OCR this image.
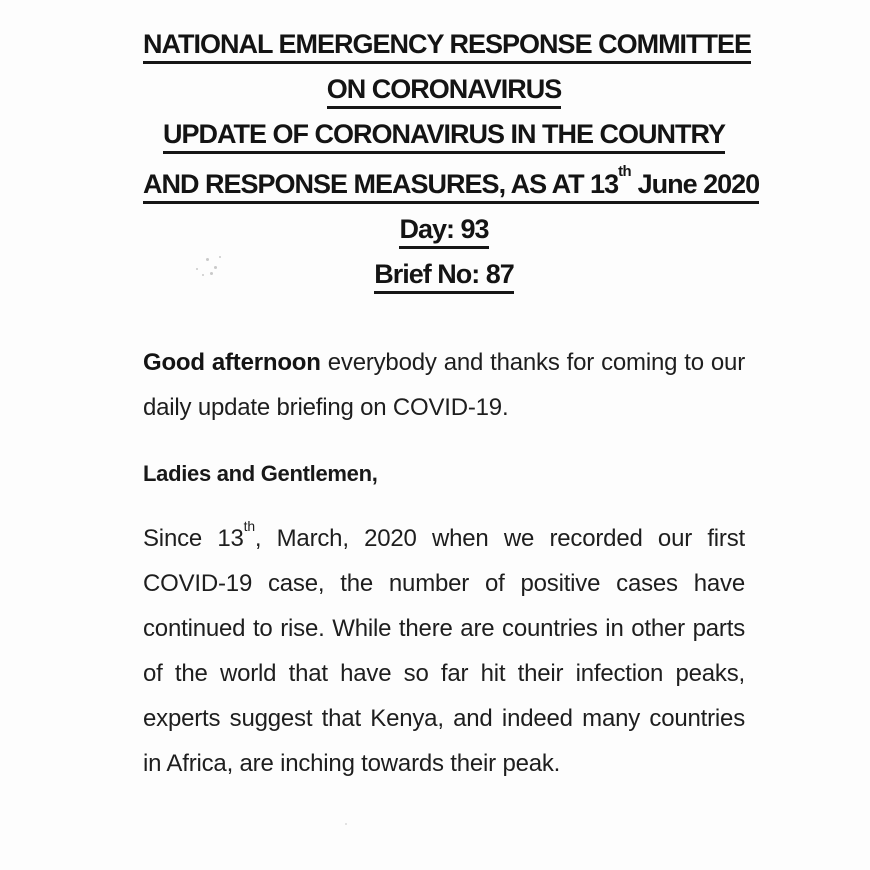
NATIONAL EMERGENCY RESPONSE COMMITTEE
ON CORONAVIRUS
UPDATE OF CORONAVIRUS IN THE COUNTRY
AND RESPONSE MEASURES, AS AT 13th June 2020
Day: 93
Brief No: 87

Good afternoon everybody and thanks for coming to our daily update briefing on COVID-19.

Ladies and Gentlemen,

Since 13th, March, 2020 when we recorded our first COVID-19 case, the number of positive cases have continued to rise. While there are countries in other parts of the world that have so far hit their infection peaks, experts suggest that Kenya, and indeed many countries in Africa, are inching towards their peak.
